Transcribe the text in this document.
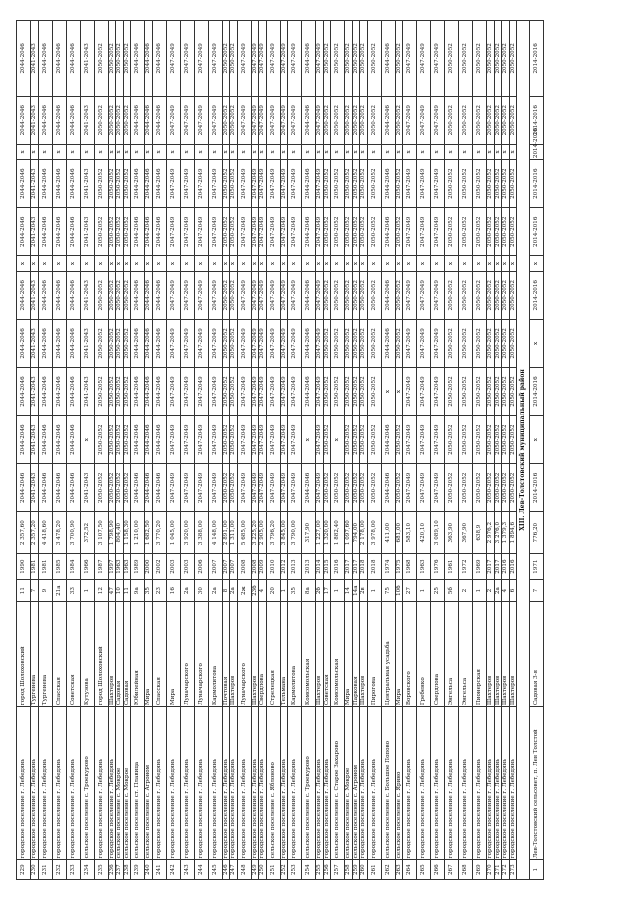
229	городское поселение г. Лебедянь	город Шолоховский	11	1990	2 357,60	2044-2046	2044-2046	2044-2046	2044-2046	2044-2046	х	2044-2046	2044-2046	х	2044-2046	2044-2046
230	городское поселение г. Лебедянь	Тургенева	7	1981	2 357,20	2041-2043	2041-2043	2041-2043	2041-2043	2041-2043	х	2041-2043	2041-2043	х	2041-2043	2041-2043
231	городское поселение г. Лебедянь	Тургенева	9	1981	4 418,60	2044-2046	2044-2046	2044-2046	2044-2046	2044-2046	х	2044-2046	2044-2046	х	2044-2046	2044-2046
232	городское поселение г. Лебедянь	Спасская	21а	1985	3 478,20	2044-2046	2044-2046	2044-2046	2044-2046	2044-2046	х	2044-2046	2044-2046	х	2044-2046	2044-2046
233	городское поселение г. Лебедянь	Советская	33	1984	3 700,90	2044-2046	2044-2046	2044-2046	2044-2046	2044-2046	х	2044-2046	2044-2046	х	2044-2046	2044-2046
234	сельское поселение с. Троекурово	Кутузова	1	1966	372,52	2041-2043	х	2041-2043	2041-2043	2041-2043	х	2041-2043	2041-2043	х	2041-2043	2041-2043
235	городское поселение г. Лебедянь	город Шолоховский	12	1987	3 107,50	2050-2052	2050-2052	2050-2052	2050-2052	2050-2052	х	2050-2052	2050-2052	х	2050-2052	2050-2052
236	городское поселение г. Лебедянь	Шахтеров	47	1997	1 798,90	2050-2052	2050-2052	2050-2052	2050-2052	2050-2052	х	2050-2052	2050-2052	х	2050-2052	2050-2052
237	сельское поселение с. Мокрое	Садовая	10	1963	804,40	2050-2052	2050-2052	2050-2052	2050-2052	2050-2052	х	2050-2052	2050-2052	х	2050-2052	2050-2052
238	сельское поселение с. Мокрое	Садовая	11	1963	1 158,30	2050-2052	2050-2052	2050-2052	2050-2052	2050-2052	х	2050-2052	2050-2052	х	2050-2052	2050-2052
239	сельское поселение ст. Плавица	Юбилейная	9а	1989	1 210,00	2044-2046	2044-2046	2044-2046	2044-2046	2044-2046	х	2044-2046	2044-2046	х	2044-2046	2044-2046
240	сельское поселение с. Агроном	Мира	35	2000	1 682,50	2044-2046	2044-2046	2044-2046	2044-2046	2044-2046	х	2044-2046	2044-2046	х	2044-2046	2044-2046
241	городское поселение г. Лебедянь	Спасская	23	2002	3 770,20	2044-2046	2044-2046	2044-2046	2044-2046	2044-2046	х	2044-2046	2044-2046	х	2044-2046	2044-2046
242	городское поселение г. Лебедянь	Мира	16	2003	1 045,00	2047-2049	2047-2049	2047-2049	2047-2049	2047-2049	х	2047-2049	2047-2049	х	2047-2049	2047-2049
243	городское поселение г. Лебедянь	Луначарского	2а	2003	3 920,00	2047-2049	2047-2049	2047-2049	2047-2049	2047-2049	х	2047-2049	2047-2049	х	2047-2049	2047-2049
244	городское поселение г. Лебедянь	Луначарского	30	2006	3 388,00	2047-2049	2047-2049	2047-2049	2047-2049	2047-2049	х	2047-2049	2047-2049	х	2047-2049	2047-2049
245	городское поселение г. Лебедянь	Кармолитова	2а	2007	4 148,00	2047-2049	2047-2049	2047-2049	2047-2049	2047-2049	х	2047-2049	2047-2049	х	2047-2049	2047-2049
246	городское поселение г. Лебедянь	Почтовая	8	2007	2 891,00	2050-2052	2050-2052	2050-2052	2050-2052	2050-2052	х	2050-2052	2050-2052	х	2050-2052	2050-2052
247	городское поселение г. Лебедянь	Шахтеров	2а	2007	1 311,00	2050-2052	2050-2052	2050-2052	2050-2052	2050-2052	х	2050-2052	2050-2052	х	2050-2052	2050-2052
248	городское поселение г. Лебедянь	Луначарского	2ж	2008	5 685,00	2047-2049	2047-2049	2047-2049	2047-2049	2047-2049	х	2047-2049	2047-2049	х	2047-2049	2047-2049
249	городское поселение г. Лебедянь	Шахтеров	23б	2008	3 225,20	2047-2049	2047-2049	2047-2049	2047-2049	2047-2049	х	2047-2049	2047-2049	х	2047-2049	2047-2049
250	городское поселение г. Лебедянь	Свердлова	4	2009	2 905,00	2047-2049	2047-2049	2047-2049	2047-2049	2047-2049	х	2047-2049	2047-2049	х	2047-2049	2047-2049
251	сельское поселение с. Яблоново	Стрелецкая	20	2010	3 796,20	2047-2049	2047-2049	2047-2049	2047-2049	2047-2049	х	2047-2049	2047-2049	х	2047-2049	2047-2049
252	городское поселение г. Лебедянь	Тельмана	1	2012	3 845,00	2047-2049	2047-2049	2047-2049	2047-2049	2047-2049	х	2047-2049	2047-2049	х	2047-2049	2047-2049
253	городское поселение г. Лебедянь	Кармолитова	35	2013	3 790,00	2047-2049	2047-2049	2047-2049	2047-2049	2047-2049	х	2047-2049	2047-2049	х	2047-2049	2047-2049
254	сельское поселение с. Троекурово	Комсомольская	8а	2013	317,90	2044-2046	х	2044-2046	2044-2046	2044-2046	х	2044-2046	2044-2046	х	2044-2046	2044-2046
255	городское поселение г. Лебедянь	Шахтеров	2б	2014	1 227,00	2047-2049	2047-2049	2047-2049	2047-2049	2047-2049	х	2047-2049	2047-2049	х	2047-2049	2047-2049
256	городское поселение г. Лебедянь	Советская	17	2015	1 320,00	2050-2052	2050-2052	2050-2052	2050-2052	2050-2052	х	2050-2052	2050-2052	х	2050-2052	2050-2052
257	сельское поселение с. Старое Захарово	Комсомольская	1	2016	1 882,40	2050-2052	х	2050-2052	2050-2052	2050-2052	х	2050-2052	2050-2052	х	2050-2052	2050-2052
258	сельское поселение с. Мокрое	Мира	14	2017	1 097,60	2050-2052	2050-2052	2050-2052	2050-2052	2050-2052	х	2050-2052	2050-2052	х	2050-2052	2050-2052
259	сельское поселение с. Агроном	Парковая	14а	2017	794,00	2050-2052	2050-2052	2050-2052	2050-2052	2050-2052	х	2050-2052	2050-2052	х	2050-2052	2050-2052
260	городское поселение г. Лебедянь	Шахтеров	2в	2018	2 178,00	2050-2052	2050-2052	2050-2052	2050-2052	2050-2052	х	2050-2052	2050-2052	х	2050-2052	2050-2052
261	городское поселение г. Лебедянь	Пирогова	1	2018	3 978,00	2050-2052	2050-2052	2050-2052	2050-2052	2050-2052	х	2050-2052	2050-2052	х	2050-2052	2050-2052
262	сельское поселение с. Большое Попово	Центральная усадьба	75	1974	411,00	2044-2046	2044-2046	х	2044-2046	2044-2046	х	2044-2046	2044-2046	х	2044-2046	2044-2046
263	сельское поселение с. Ярино	Мира	10б	1975	681,00	2050-2052	2050-2052	х	2050-2052	2050-2052	х	2050-2052	2050-2052	х	2050-2052	2050-2052
264	городское поселение г. Лебедянь	Воровского	27	1968	583,10	2047-2049	2047-2049	2047-2049	2047-2049	2047-2049	х	2047-2049	2047-2049	х	2047-2049	2047-2049
265	городское поселение г. Лебедянь	Гребенко	1	1963	420,10	2047-2049	2047-2049	2047-2049	2047-2049	2047-2049	х	2047-2049	2047-2049	х	2047-2049	2047-2049
266	городское поселение г. Лебедянь	Свердлова	25	1976	3 089,10	2047-2049	2047-2049	2047-2049	2047-2049	2047-2049	х	2047-2049	2047-2049	х	2047-2049	2047-2049
267	городское поселение г. Лебедянь	Энгельса	5б	1961	363,90	2050-2052	2050-2052	2050-2052	2050-2052	2050-2052	х	2050-2052	2050-2052	х	2050-2052	2050-2052
268	городское поселение г. Лебедянь	Энгельса	2	1972	367,90	2050-2052	2050-2052	2050-2052	2050-2052	2050-2052	х	2050-2052	2050-2052	х	2050-2052	2050-2052
269	городское поселение г. Лебедянь	Пионерская	1	1969	638,9	2050-2052	2050-2052	2050-2052	2050-2052	2050-2052	х	2050-2052	2050-2052	х	2050-2052	2050-2052
270	городское поселение г. Лебедянь	Шахтеров	2	2017	2 976,2	2050-2052	2050-2052	2050-2052	2050-2052	2050-2052	х	2050-2052	2050-2052	х	2050-2052	2050-2052
271	городское поселение г. Лебедянь	Шахтеров	2а	2017	3 276,0	2050-2052	2050-2052	2050-2052	2050-2052	2050-2052	х	2050-2052	2050-2052	х	2050-2052	2050-2052
272	городское поселение г. Лебедянь	Шахтеров	4	2016	1 379,3	2050-2052	2050-2052	2050-2052	2050-2052	2050-2052	х	2050-2052	2050-2052	х	2050-2052	2050-2052
273	городское поселение г. Лебедянь	Шахтеров	6	2016	1 894,6	2050-2052	2050-2052	2050-2052	2050-2052	2050-2052	х	2050-2052	2050-2052	х	2050-2052	2050-2052
XIII. Лев-Толстовский муниципальный район																
1	Лев-Толстовский сельсовет, п. Лев Толстой	Садовая 3-я	7	1971	776,20	2014-2016	х	2014-2016	х	2014-2016	х	2014-2016	2014-2016	2014-2016	2014-2016	2014-2016
